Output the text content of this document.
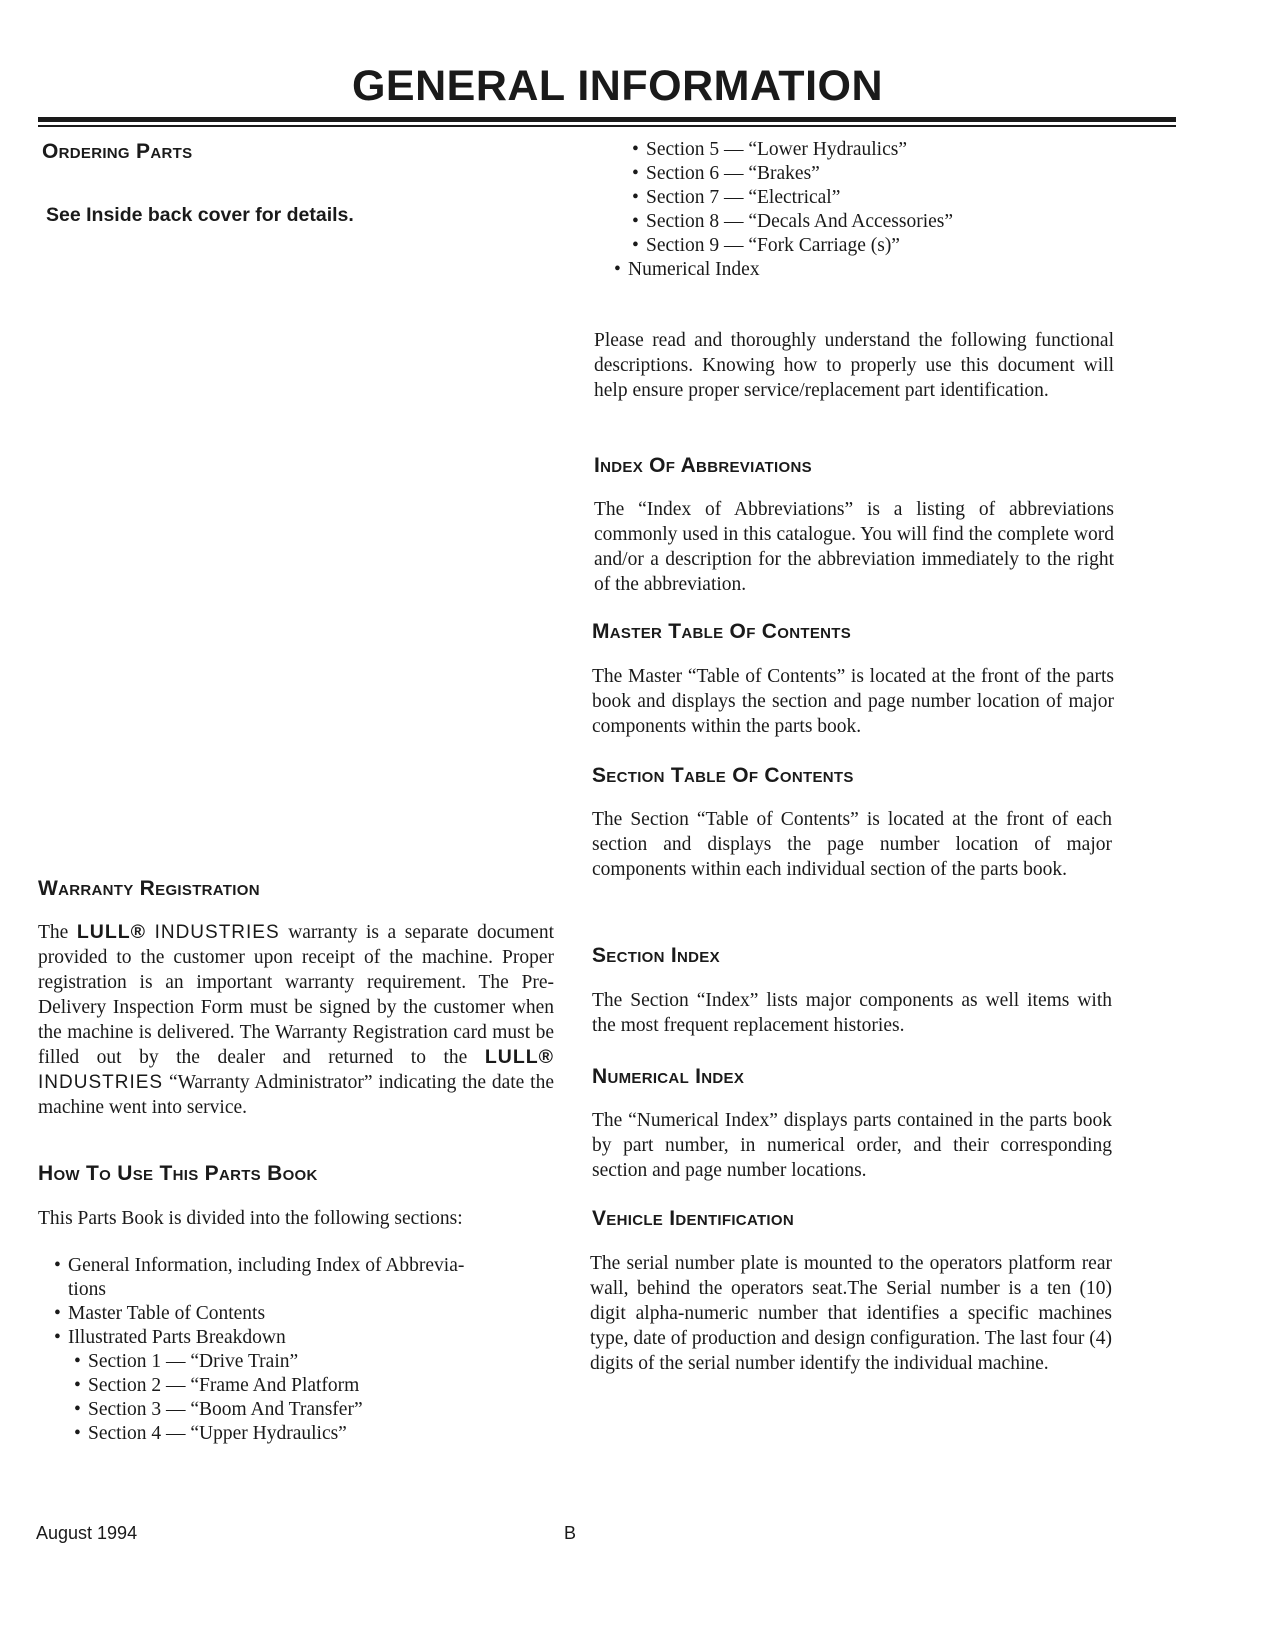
GENERAL INFORMATION
Ordering Parts
See Inside back cover for details.
Warranty Registration
The LULL® INDUSTRIES warranty is a separate document provided to the customer upon receipt of the machine. Proper registration is an important warranty requirement. The Pre-Delivery Inspection Form must be signed by the customer when the machine is delivered. The Warranty Registration card must be filled out by the dealer and returned to the LULL® INDUSTRIES “Warranty Administrator” indicating the date the machine went into service.
How To Use This Parts Book
This Parts Book is divided into the following sections:
• General Information, including Index of Abbrevia-
tions
• Master Table of Contents
• Illustrated Parts Breakdown
• Section 1 — “Drive Train”
• Section 2 — “Frame And Platform
• Section 3 — “Boom And Transfer”
• Section 4 — “Upper Hydraulics”
• Section 5 — “Lower Hydraulics”
• Section 6 — “Brakes”
• Section 7 — “Electrical”
• Section 8 — “Decals And Accessories”
• Section 9 — “Fork Carriage (s)”
• Numerical Index
Please read and thoroughly understand the following functional descriptions. Knowing how to properly use this document will help ensure proper service/replacement part identification.
Index Of Abbreviations
The “Index of Abbreviations” is a listing of abbreviations commonly used in this catalogue. You will find the complete word and/or a description for the abbreviation immediately to the right of the abbreviation.
Master Table Of Contents
The Master “Table of Contents” is located at the front of the parts book and displays the section and page number location of major components within the parts book.
Section Table Of Contents
The Section “Table of Contents” is located at the front of each section and displays the page number location of major components within each individual section of the parts book.
Section Index
The Section “Index” lists major components as well items with the most frequent replacement histories.
Numerical Index
The “Numerical Index” displays parts contained in the parts book by part number, in numerical order, and their corresponding section and page number locations.
Vehicle Identification
The serial number plate is mounted to the operators platform rear wall, behind the operators seat.The Serial number is a ten (10) digit alpha-numeric number that identifies a specific machines type, date of production and design configuration. The last four (4) digits of the serial number identify the individual machine.
August 1994	B
